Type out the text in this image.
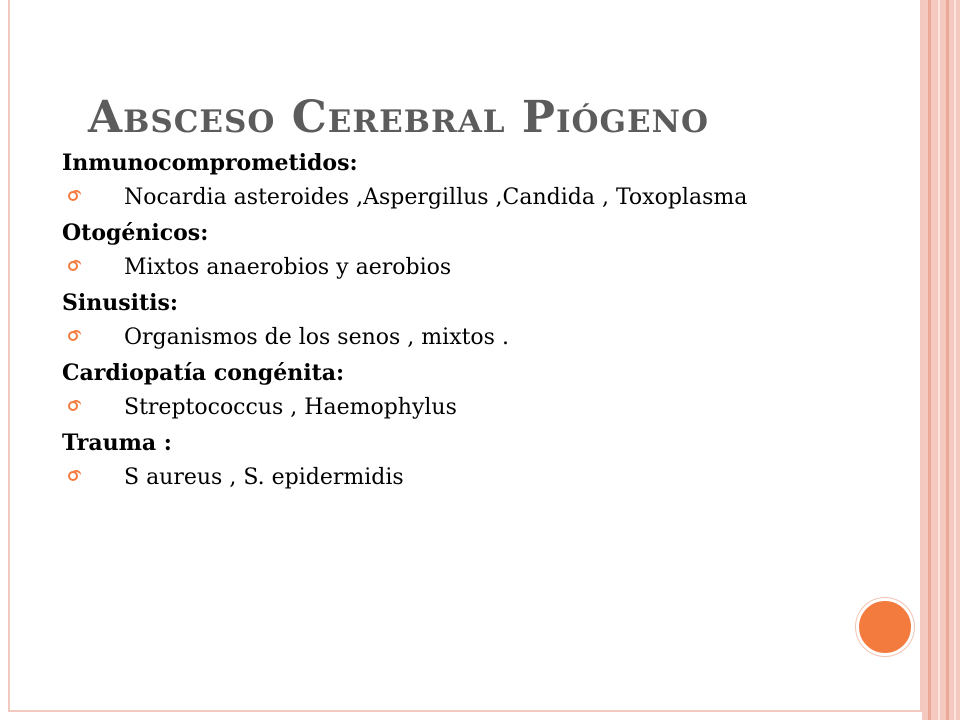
Absceso Cerebral Piógeno
Inmunocomprometidos:
Nocardia asteroides ,Aspergillus ,Candida , Toxoplasma
Otogénicos:
Mixtos anaerobios y aerobios
Sinusitis:
Organismos de los senos , mixtos .
Cardiopatía congénita:
Streptococcus , Haemophylus
Trauma :
S aureus , S. epidermidis
